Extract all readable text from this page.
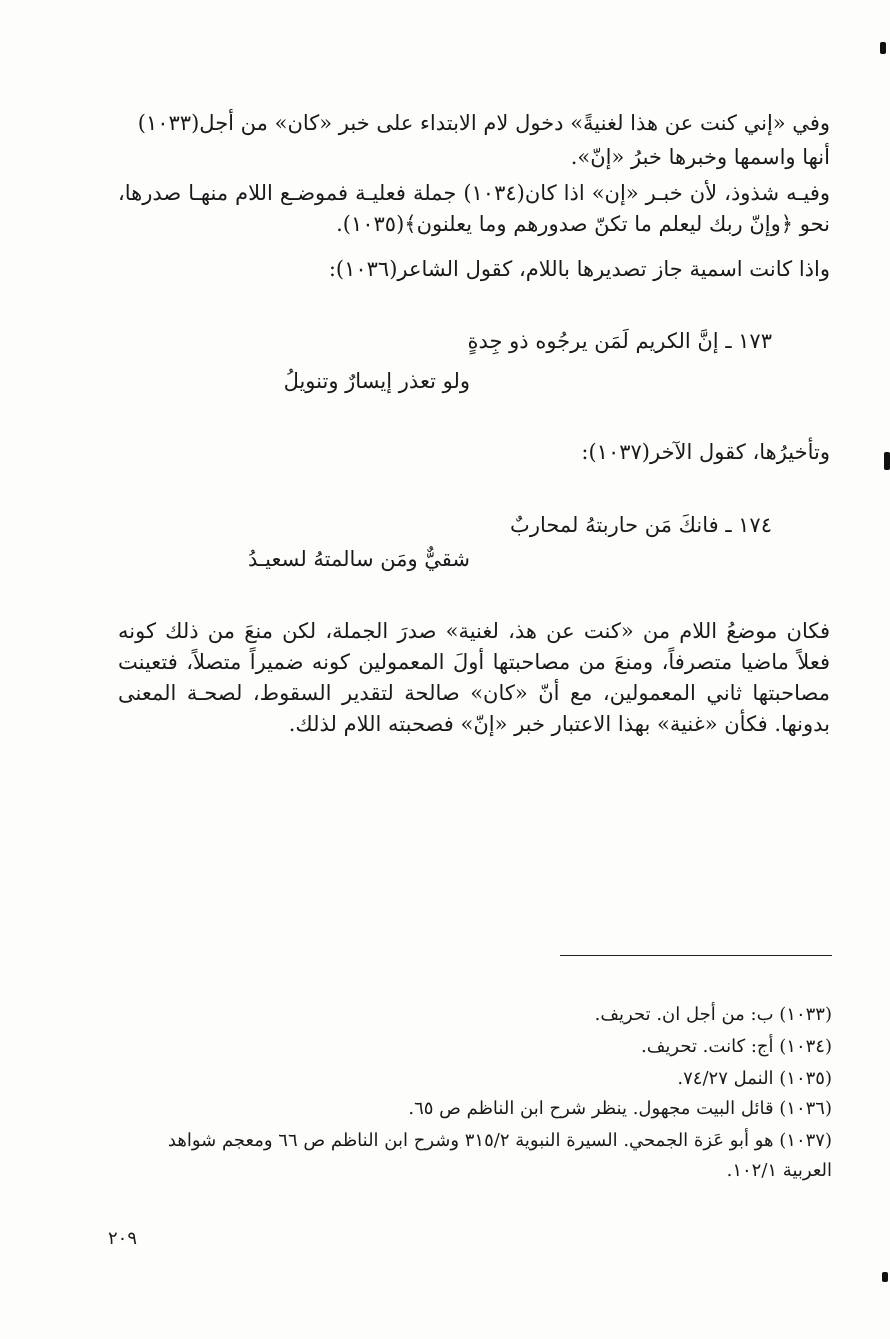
وفي «إني كنت عن هذا لغنيةً» دخول لام الابتداء على خبر «كان» من أجل(١٠٣٣)
أنها واسمها وخبرها خبرُ «إنّ».
وفيـه شذوذ، لأن خبـر «إن» اذا كان(١٠٣٤) جملة فعليـة فموضـع اللام منهـا صدرها، نحو ﴿وإنّ ربك ليعلم ما تكنّ صدورهم وما يعلنون﴾(١٠٣٥).
واذا كانت اسمية جاز تصديرها باللام، كقول الشاعر(١٠٣٦):
١٧٣ ـ إنَّ الكريم لَمَن يرجُوه ذو جِدةٍ
ولو تعذر إيسارٌ وتنويلُ
وتأخيرُها، كقول الآخر(١٠٣٧):
١٧٤ ـ فانكَ مَن حاربتهُ لمحاربٌ
شقيٌّ ومَن سالمتهُ لسعيـدُ
فكان موضعُ اللام من «كنت عن هذ، لغنية» صدرَ الجملة، لكن منعَ من ذلك كونه فعلاً ماضيا متصرفاً، ومنعَ من مصاحبتها أولَ المعمولين كونه ضميراً متصلاً، فتعينت مصاحبتها ثاني المعمولين، مع أنّ «كان» صالحة لتقدير السقوط، لصحـة المعنى بدونها. فكأن «غنية» بهذا الاعتبار خبر «إنّ» فصحبته اللام لذلك.
(١٠٣٣) ب: من أجل ان. تحريف.
(١٠٣٤) أج: كانت. تحريف.
(١٠٣٥) النمل ٧٤/٢٧.
(١٠٣٦) قائل البيت مجهول. ينظر شرح ابن الناظم ص ٦٥.
(١٠٣٧) هو أبو عَزة الجمحي. السيرة النبوية ٣١٥/٢ وشرح ابن الناظم ص ٦٦ ومعجم شواهد العربية ١٠٢/١.
٢٠٩
